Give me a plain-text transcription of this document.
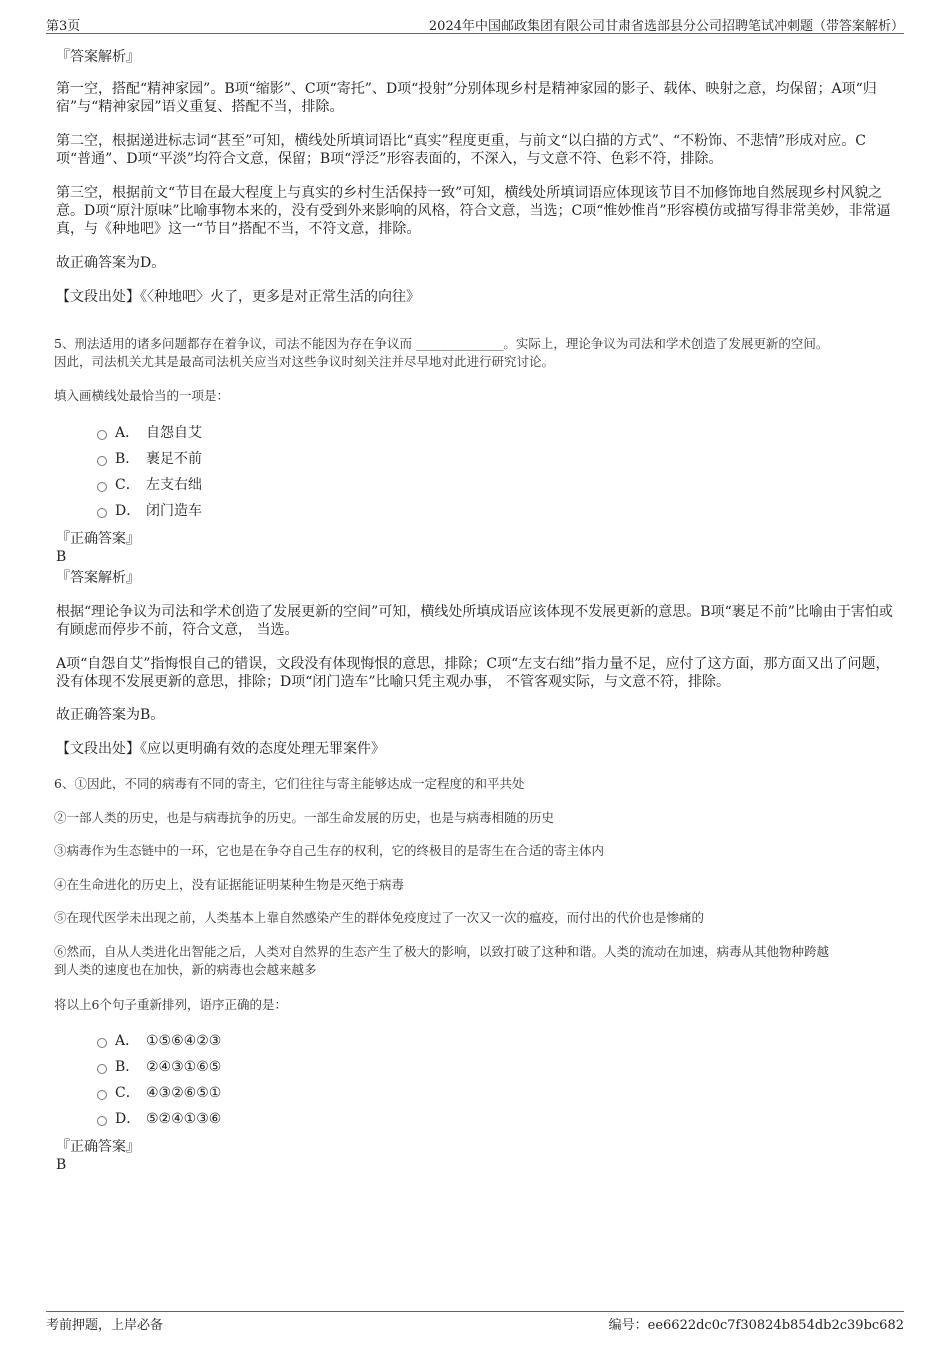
第3页	2024年中国邮政集团有限公司甘肃省选部县分公司招聘笔试冲刺题（带答案解析）

『答案解析』

第一空，搭配“精神家园”。B项“缩影”、C项“寄托”、D项“投射”分别体现乡村是精神家园的影子、载体、映射之意，均保留；A项“归宿”与“精神家园”语义重复、搭配不当，排除。

第二空，根据递进标志词“甚至”可知，横线处所填词语比“真实”程度更重，与前文“以白描的方式”、“不粉饰、不悲情”形成对应。C项“普通”、D项“平淡”均符合文意，保留；B项“浮泛”形容表面的，不深入，与文意不符、色彩不符，排除。

第三空，根据前文“节目在最大程度上与真实的乡村生活保持一致”可知，横线处所填词语应体现该节目不加修饰地自然展现乡村风貌之意。D项“原汁原味”比喻事物本来的，没有受到外来影响的风格，符合文意，当选；C项“惟妙惟肖”形容模仿或描写得非常美妙，非常逼真，与《种地吧》这一“节目”搭配不当，不符文意，排除。

故正确答案为D。

【文段出处】《〈种地吧〉火了，更多是对正常生活的向往》

5、刑法适用的诸多问题都存在着争议，司法不能因为存在争议而 ______________。实际上，理论争议为司法和学术创造了发展更新的空间。

因此，司法机关尤其是最高司法机关应当对这些争议时刻关注并尽早地对此进行研究讨论。

填入画横线处最恰当的一项是：

A． 自怨自艾
B． 裹足不前
C． 左支右绌
D． 闭门造车

『正确答案』

B

『答案解析』

根据“理论争议为司法和学术创造了发展更新的空间”可知，横线处所填成语应该体现不发展更新的意思。B项“裹足不前”比喻由于害怕或有顾虑而停步不前，符合文意， 当选。

A项“自怨自艾”指悔恨自己的错误，文段没有体现悔恨的意思，排除；C项“左支右绌”指力量不足，应付了这方面，那方面又出了问题，没有体现不发展更新的意思，排除；D项“闭门造车”比喻只凭主观办事， 不管客观实际，与文意不符，排除。

故正确答案为B。

【文段出处】《应以更明确有效的态度处理无罪案件》

6、①因此，不同的病毒有不同的寄主，它们往往与寄主能够达成一定程度的和平共处

②一部人类的历史，也是与病毒抗争的历史。一部生命发展的历史，也是与病毒相随的历史

③病毒作为生态链中的一环，它也是在争夺自己生存的权利，它的终极目的是寄生在合适的寄主体内

④在生命进化的历史上，没有证据能证明某种生物是灭绝于病毒

⑤在现代医学未出现之前，人类基本上靠自然感染产生的群体免疫度过了一次又一次的瘟疫，而付出的代价也是惨痛的

⑥然而，自从人类进化出智能之后，人类对自然界的生态产生了极大的影响，以致打破了这种和谐。人类的流动在加速，病毒从其他物种跨越

到人类的速度也在加快，新的病毒也会越来越多

将以上6个句子重新排列，语序正确的是：

A． ①⑤⑥④②③
B． ②④③①⑥⑤
C． ④③②⑥⑤①
D． ⑤②④①③⑥

『正确答案』

B

考前押题，上岸必备	编号：ee6622dc0c7f30824b854db2c39bc682
